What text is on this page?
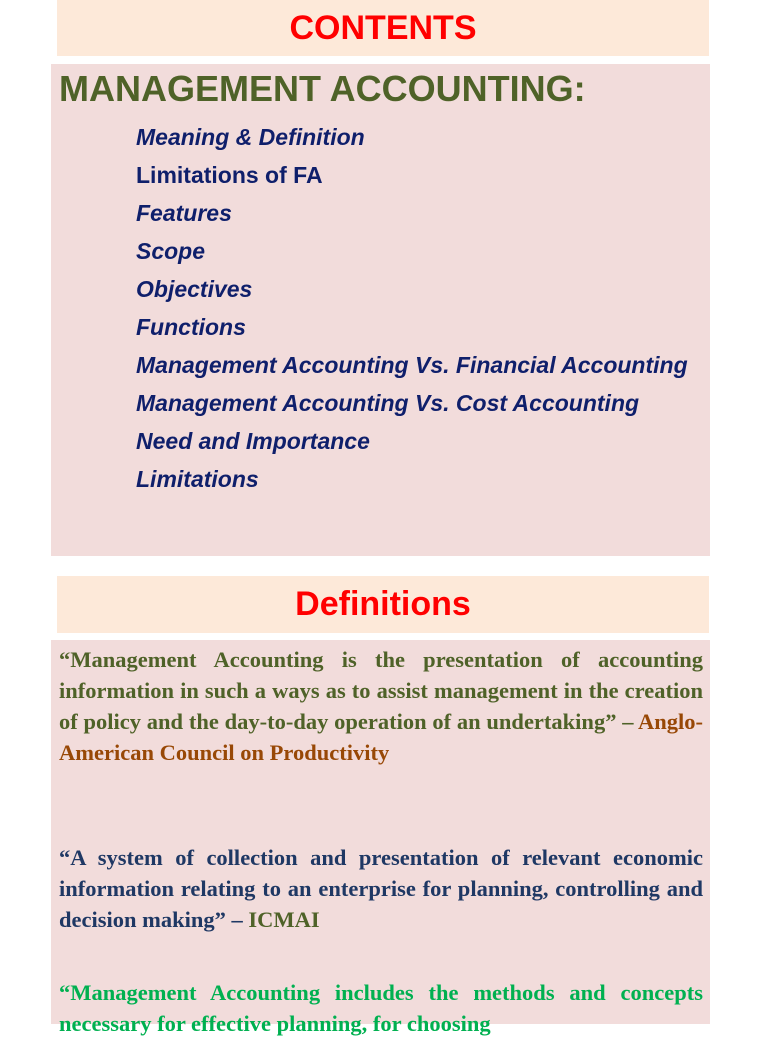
CONTENTS
MANAGEMENT ACCOUNTING:
Meaning & Definition
Limitations of FA
Features
Scope
Objectives
Functions
Management Accounting Vs. Financial Accounting
Management Accounting Vs. Cost Accounting
Need and Importance
Limitations
Definitions

“Management Accounting is the presentation of accounting information in such a ways as to assist management in the creation of policy and the day-to-day operation of an undertaking” – Anglo-American Council on Productivity

“A system of collection and presentation of relevant economic information relating to an enterprise for planning, controlling and decision making” – ICMAI

“Management Accounting includes the methods and concepts necessary for effective planning, for choosing
